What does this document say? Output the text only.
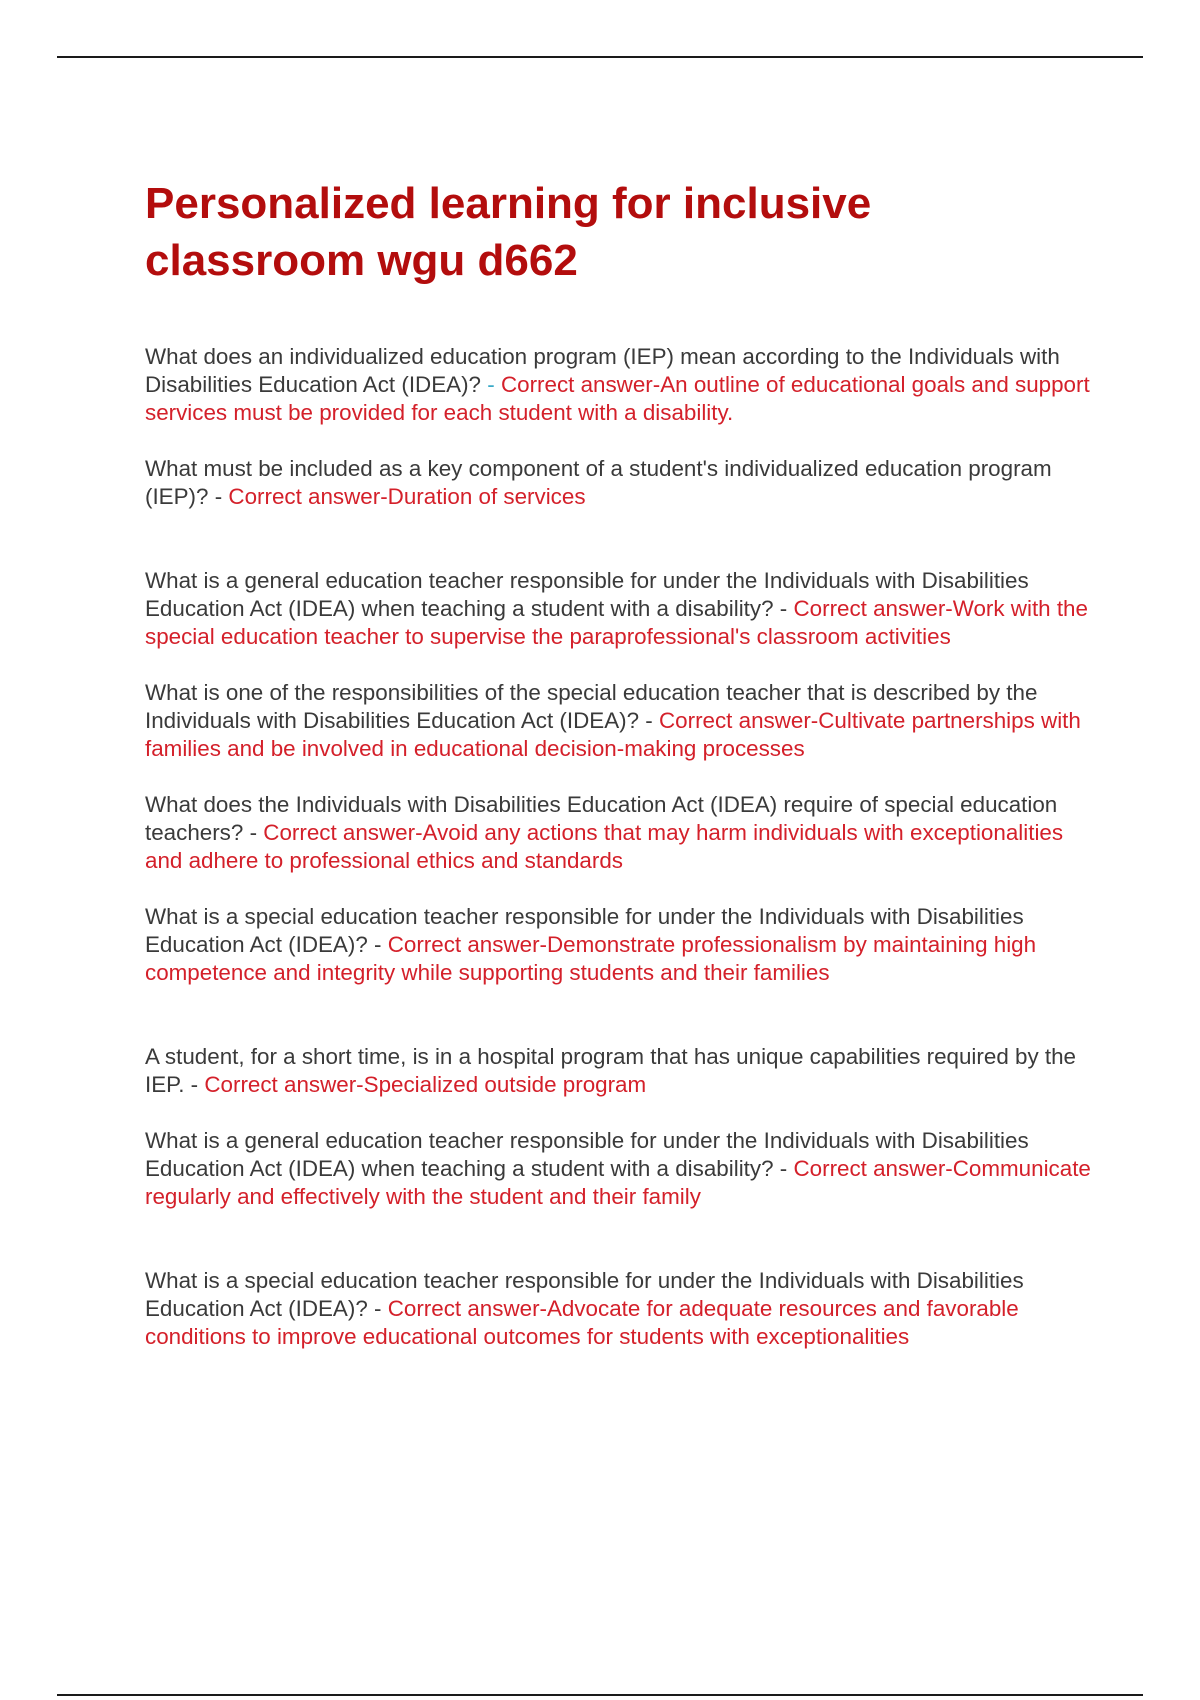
Personalized learning for inclusive classroom wgu d662

What does an individualized education program (IEP) mean according to the Individuals with Disabilities Education Act (IDEA)? - Correct answer-An outline of educational goals and support services must be provided for each student with a disability.

What must be included as a key component of a student's individualized education program (IEP)? - Correct answer-Duration of services

What is a general education teacher responsible for under the Individuals with Disabilities Education Act (IDEA) when teaching a student with a disability? - Correct answer-Work with the special education teacher to supervise the paraprofessional's classroom activities

What is one of the responsibilities of the special education teacher that is described by the Individuals with Disabilities Education Act (IDEA)? - Correct answer-Cultivate partnerships with families and be involved in educational decision-making processes

What does the Individuals with Disabilities Education Act (IDEA) require of special education teachers? - Correct answer-Avoid any actions that may harm individuals with exceptionalities and adhere to professional ethics and standards

What is a special education teacher responsible for under the Individuals with Disabilities Education Act (IDEA)? - Correct answer-Demonstrate professionalism by maintaining high competence and integrity while supporting students and their families

A student, for a short time, is in a hospital program that has unique capabilities required by the IEP. - Correct answer-Specialized outside program

What is a general education teacher responsible for under the Individuals with Disabilities Education Act (IDEA) when teaching a student with a disability? - Correct answer-Communicate regularly and effectively with the student and their family

What is a special education teacher responsible for under the Individuals with Disabilities Education Act (IDEA)? - Correct answer-Advocate for adequate resources and favorable conditions to improve educational outcomes for students with exceptionalities
